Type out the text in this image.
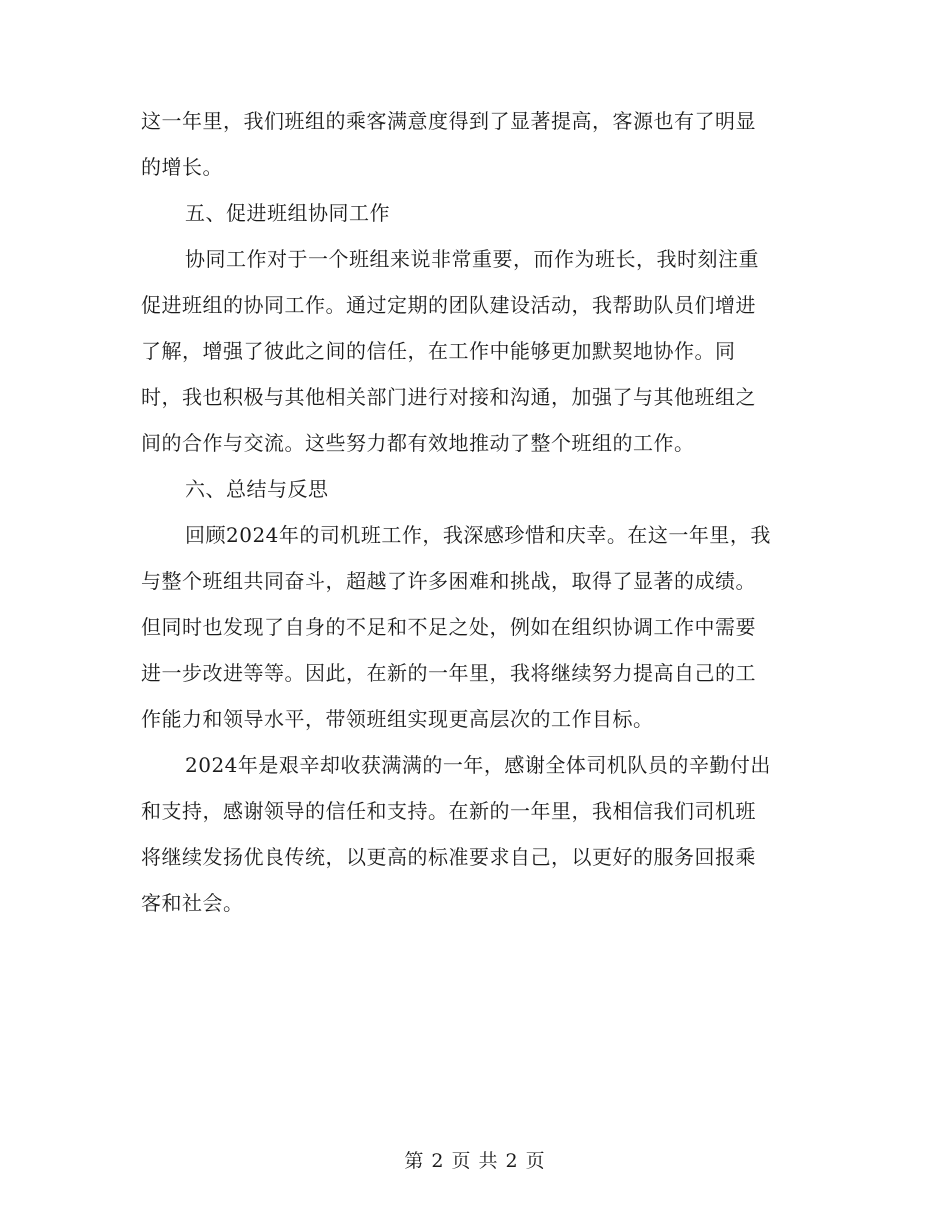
这一年里，我们班组的乘客满意度得到了显著提高，客源也有了明显
的增长。

五、促进班组协同工作

协同工作对于一个班组来说非常重要，而作为班长，我时刻注重
促进班组的协同工作。通过定期的团队建设活动，我帮助队员们增进
了解，增强了彼此之间的信任，在工作中能够更加默契地协作。同
时，我也积极与其他相关部门进行对接和沟通，加强了与其他班组之
间的合作与交流。这些努力都有效地推动了整个班组的工作。

六、总结与反思

回顾2024年的司机班工作，我深感珍惜和庆幸。在这一年里，我
与整个班组共同奋斗，超越了许多困难和挑战，取得了显著的成绩。
但同时也发现了自身的不足和不足之处，例如在组织协调工作中需要
进一步改进等等。因此，在新的一年里，我将继续努力提高自己的工
作能力和领导水平，带领班组实现更高层次的工作目标。

2024年是艰辛却收获满满的一年，感谢全体司机队员的辛勤付出
和支持，感谢领导的信任和支持。在新的一年里，我相信我们司机班
将继续发扬优良传统，以更高的标准要求自己，以更好的服务回报乘
客和社会。

第 2 页 共 2 页
